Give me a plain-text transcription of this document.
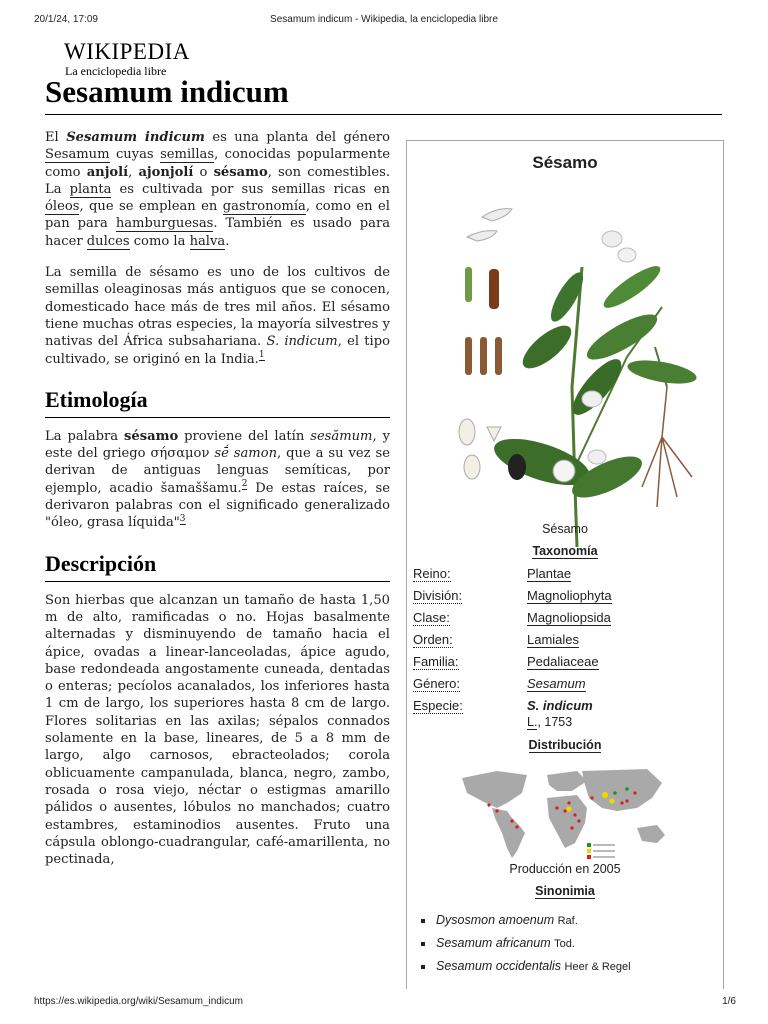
20/1/24, 17:09	Sesamum indicum - Wikipedia, la enciclopedia libre
WIKIPEDIA
La enciclopedia libre
Sesamum indicum

El Sesamum indicum es una planta del género Sesamum cuyas semillas, conocidas popularmente como anjolí, ajonjolí o sésamo, son comestibles. La planta es cultivada por sus semillas ricas en óleos, que se emplean en gastronomía, como en el pan para hamburguesas. También es usado para hacer dulces como la halva.

La semilla de sésamo es uno de los cultivos de semillas oleaginosas más antiguos que se conocen, domesticado hace más de tres mil años. El sésamo tiene muchas otras especies, la mayoría silvestres y nativas del África subsahariana. S. indicum, el tipo cultivado, se originó en la India.$^1$

Etimología

La palabra sésamo proviene del latín sesămum, y este del griego σήσαμον sḗ samon, que a su vez se derivan de antiguas lenguas semíticas, por ejemplo, acadio šamaššamu.$^2$ De estas raíces, se derivaron palabras con el significado generalizado "óleo, grasa líquida"$^3$

Descripción

Son hierbas que alcanzan un tamaño de hasta 1,50 m de alto, ramificadas o no. Hojas basalmente alternadas y disminuyendo de tamaño hacia el ápice, ovadas a linear-lanceoladas, ápice agudo, base redondeada angostamente cuneada, dentadas o enteras; pecíolos acanalados, los inferiores hasta 1 cm de largo, los superiores hasta 8 cm de largo. Flores solitarias en las axilas; sépalos connados solamente en la base, lineares, de 5 a 8 mm de largo, algo carnosos, ebracteolados; corola oblicuamente campanulada, blanca, negro, zambo, rosada o rosa viejo, néctar o estigmas amarillo pálidos o ausentes, lóbulos no manchados; cuatro estambres, estaminodios ausentes. Fruto una cápsula oblongo-cuadrangular, café-amarillenta, no pectinada,

Sésamo
Sésamo
Taxonomía
Reino:	Plantae
División:	Magnoliophyta
Clase:	Magnoliopsida
Orden:	Lamiales
Familia:	Pedaliaceae
Género:	Sesamum
Especie:	S. indicum
L., 1753
Distribución
Producción en 2005
Sinonimia
Dysosmon amoenum Raf.
Sesamum africanum Tod.
Sesamum occidentalis Heer & Regel
https://es.wikipedia.org/wiki/Sesamum_indicum	1/6
